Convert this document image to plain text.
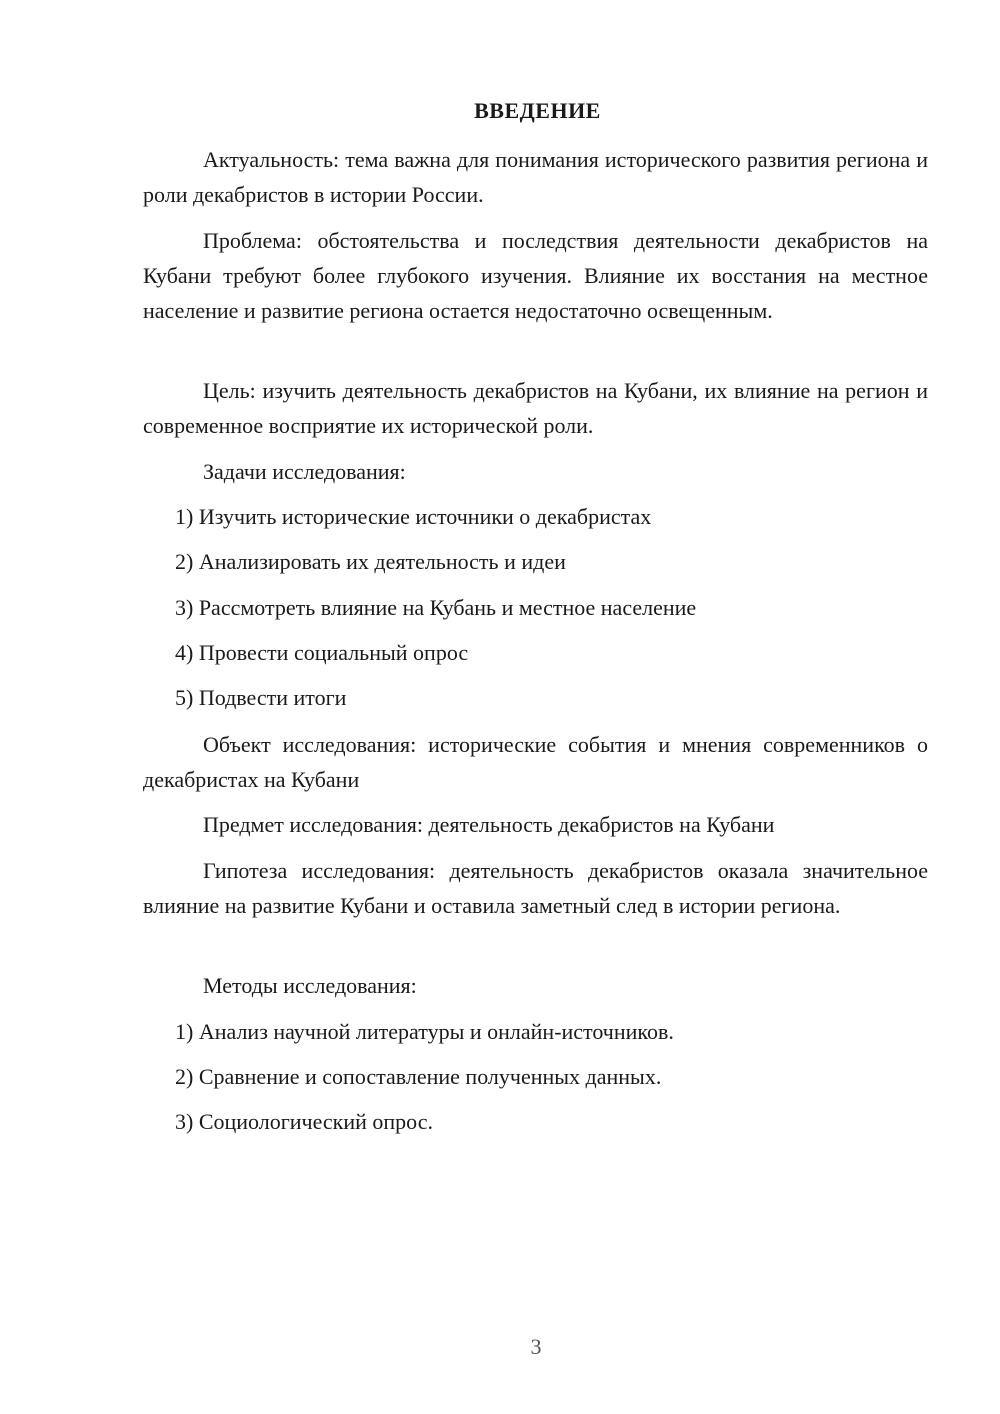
ВВЕДЕНИЕ

Актуальность: тема важна для понимания исторического развития региона и роли декабристов в истории России.

Проблема: обстоятельства и последствия деятельности декабристов на Кубани требуют более глубокого изучения. Влияние их восстания на местное население и развитие региона остается недостаточно освещенным.

Цель: изучить деятельность декабристов на Кубани, их влияние на регион и современное восприятие их исторической роли.

Задачи исследования:

1) Изучить исторические источники о декабристах

2) Анализировать их деятельность и идеи

3) Рассмотреть влияние на Кубань и местное население

4) Провести социальный опрос

5) Подвести итоги

Объект исследования: исторические события и мнения современников о декабристах на Кубани

Предмет исследования: деятельность декабристов на Кубани

Гипотеза исследования: деятельность декабристов оказала значительное влияние на развитие Кубани и оставила заметный след в истории региона.

Методы исследования:

1) Анализ научной литературы и онлайн-источников.

2) Сравнение и сопоставление полученных данных.

3) Социологический опрос.

3
